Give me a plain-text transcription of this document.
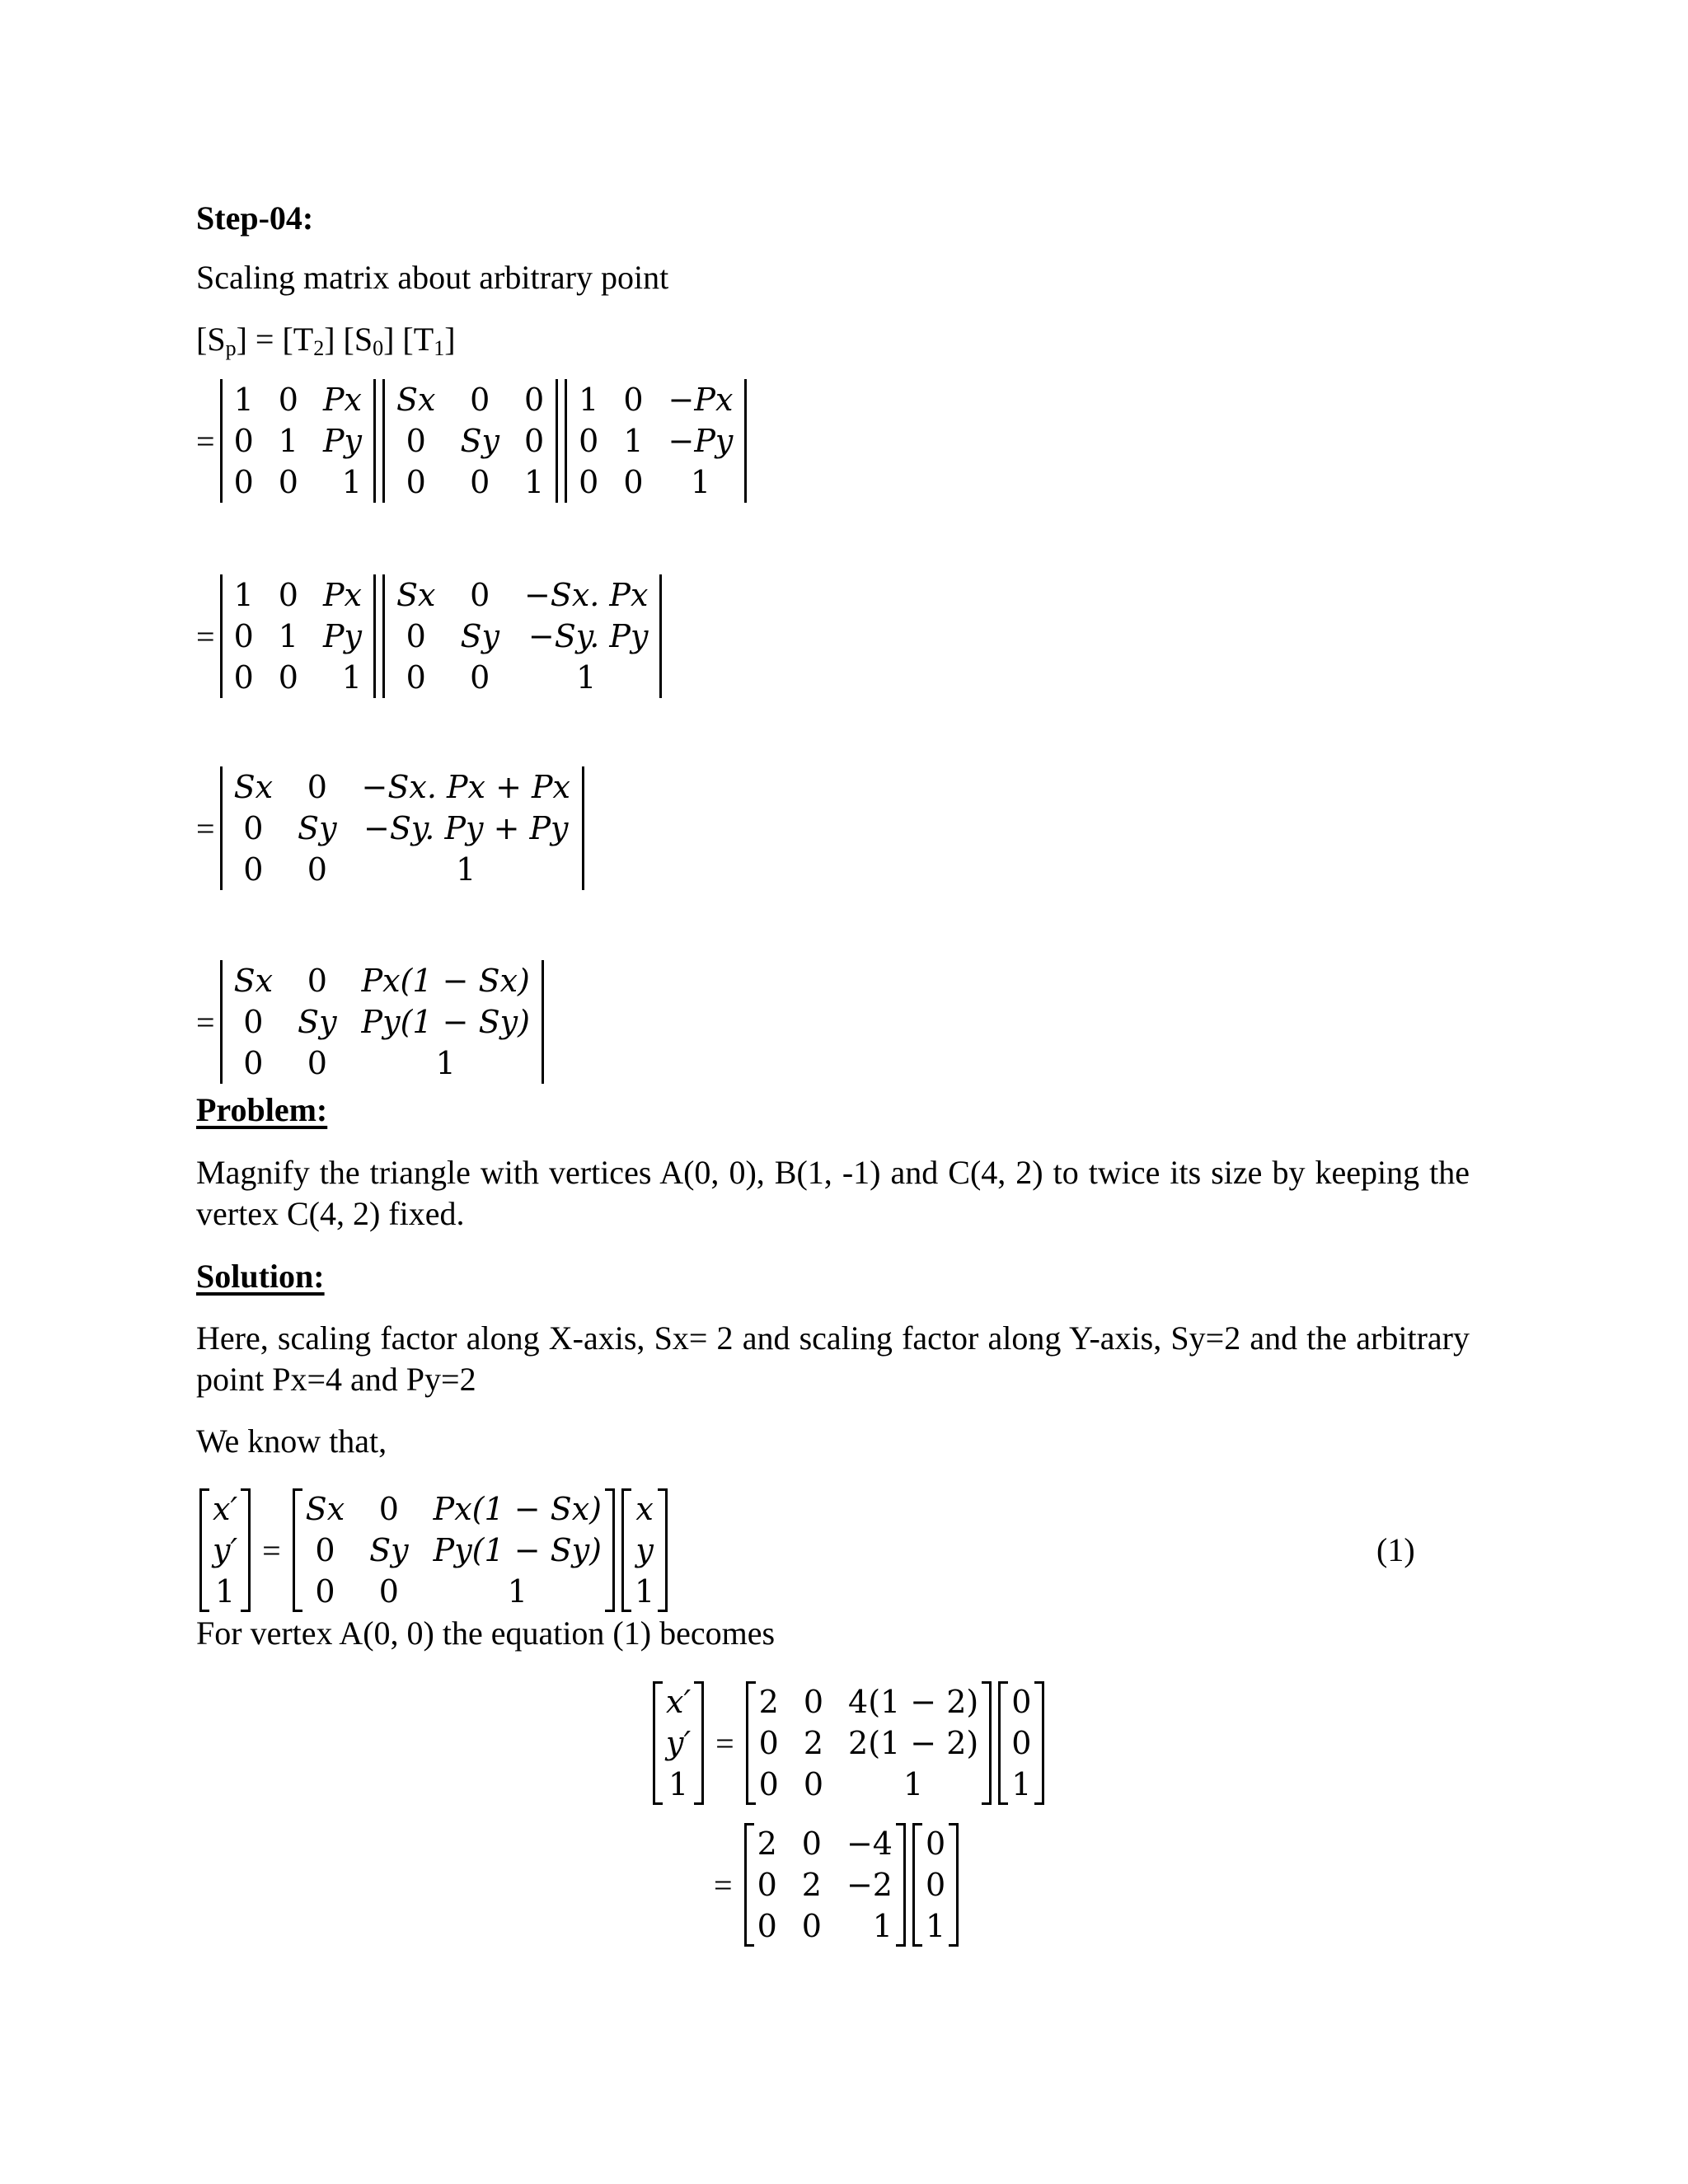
Step-04:
Scaling matrix about arbitrary point
$[S_p] = [T_2]$ $[S_0]$ $[T_1]$
=
1 0 Px
0 1 Py
0 0	1
Sx	0	0
0	Sy 0
0	0	1
1 0 −Px
0 1 −Py
0 0	1
=
1 0 Px
0 1 Py
0 0	1
Sx	0	−Sx. Px
0	Sy −Sy. Py
0	0	1
=
Sx	0	−Sx. Px + Px
0	Sy −Sy. Py + Py
0	0	1
=
Sx	0	Px(1 − Sx)
0	Sy Py(1 − Sy)
0	0	1
Problem:
Magnify the triangle with vertices A(0, 0), B(1, -1) and C(4, 2) to twice its size by keeping the vertex C(4, 2) fixed.
Solution:
Here, scaling factor along X-axis, Sx= 2 and scaling factor along Y-axis, Sy=2 and the arbitrary point Px=4 and Py=2
We know that,
x′
y′
1
=
Sx	0	Px(1 − Sx)
0	Sy Py(1 − Sy)
0	0	1
x
y
1
(1)
For vertex A(0, 0) the equation (1) becomes
x′
y′
1
=
2 0 4(1 − 2)
0 2 2(1 − 2)
0 0	1
0
0
1
=
2 0 −4
0 2 −2
0 0	1
0
0
1
